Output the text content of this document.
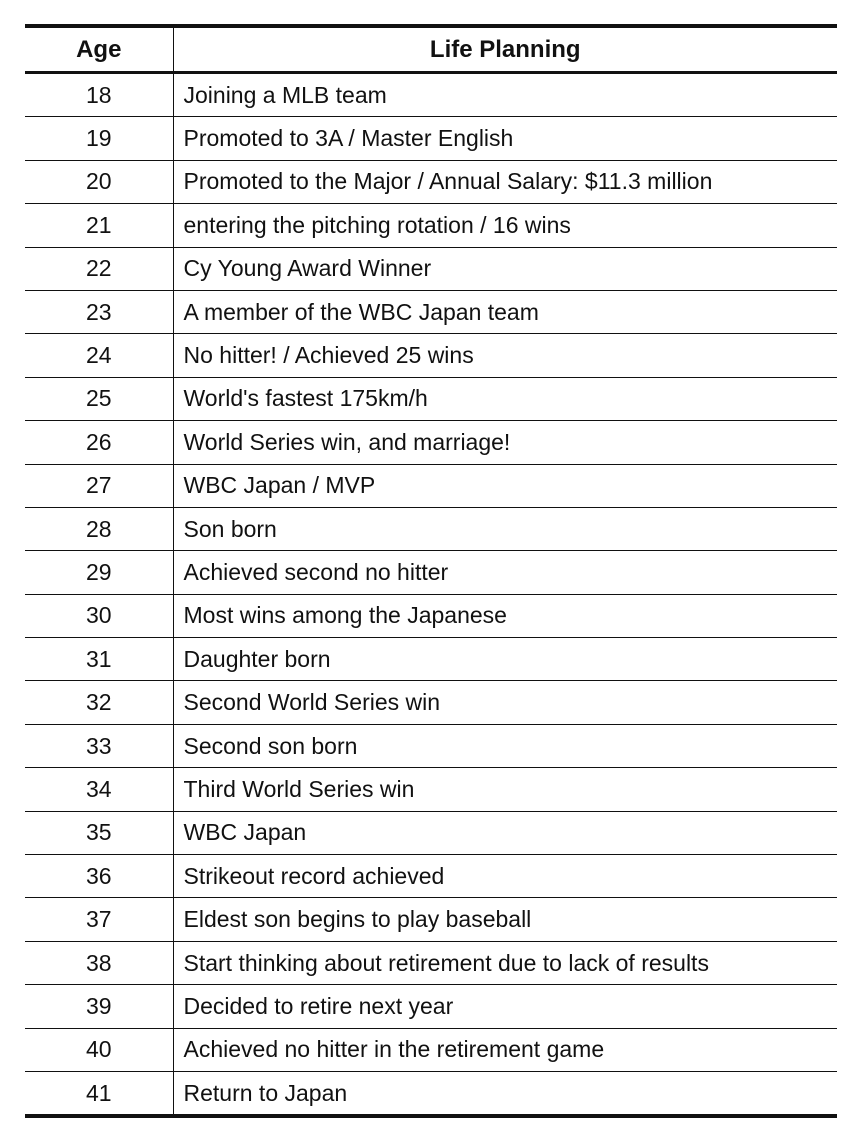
Age	Life Planning
18	Joining a MLB team
19	Promoted to 3A / Master English
20	Promoted to the Major / Annual Salary: $11.3 million
21	entering the pitching rotation / 16 wins
22	Cy Young Award Winner
23	A member of the WBC Japan team
24	No hitter! / Achieved 25 wins
25	World's fastest 175km/h
26	World Series win, and marriage!
27	WBC Japan / MVP
28	Son born
29	Achieved second no hitter
30	Most wins among the Japanese
31	Daughter born
32	Second World Series win
33	Second son born
34	Third World Series win
35	WBC Japan
36	Strikeout record achieved
37	Eldest son begins to play baseball
38	Start thinking about retirement due to lack of results
39	Decided to retire next year
40	Achieved no hitter in the retirement game
41	Return to Japan
